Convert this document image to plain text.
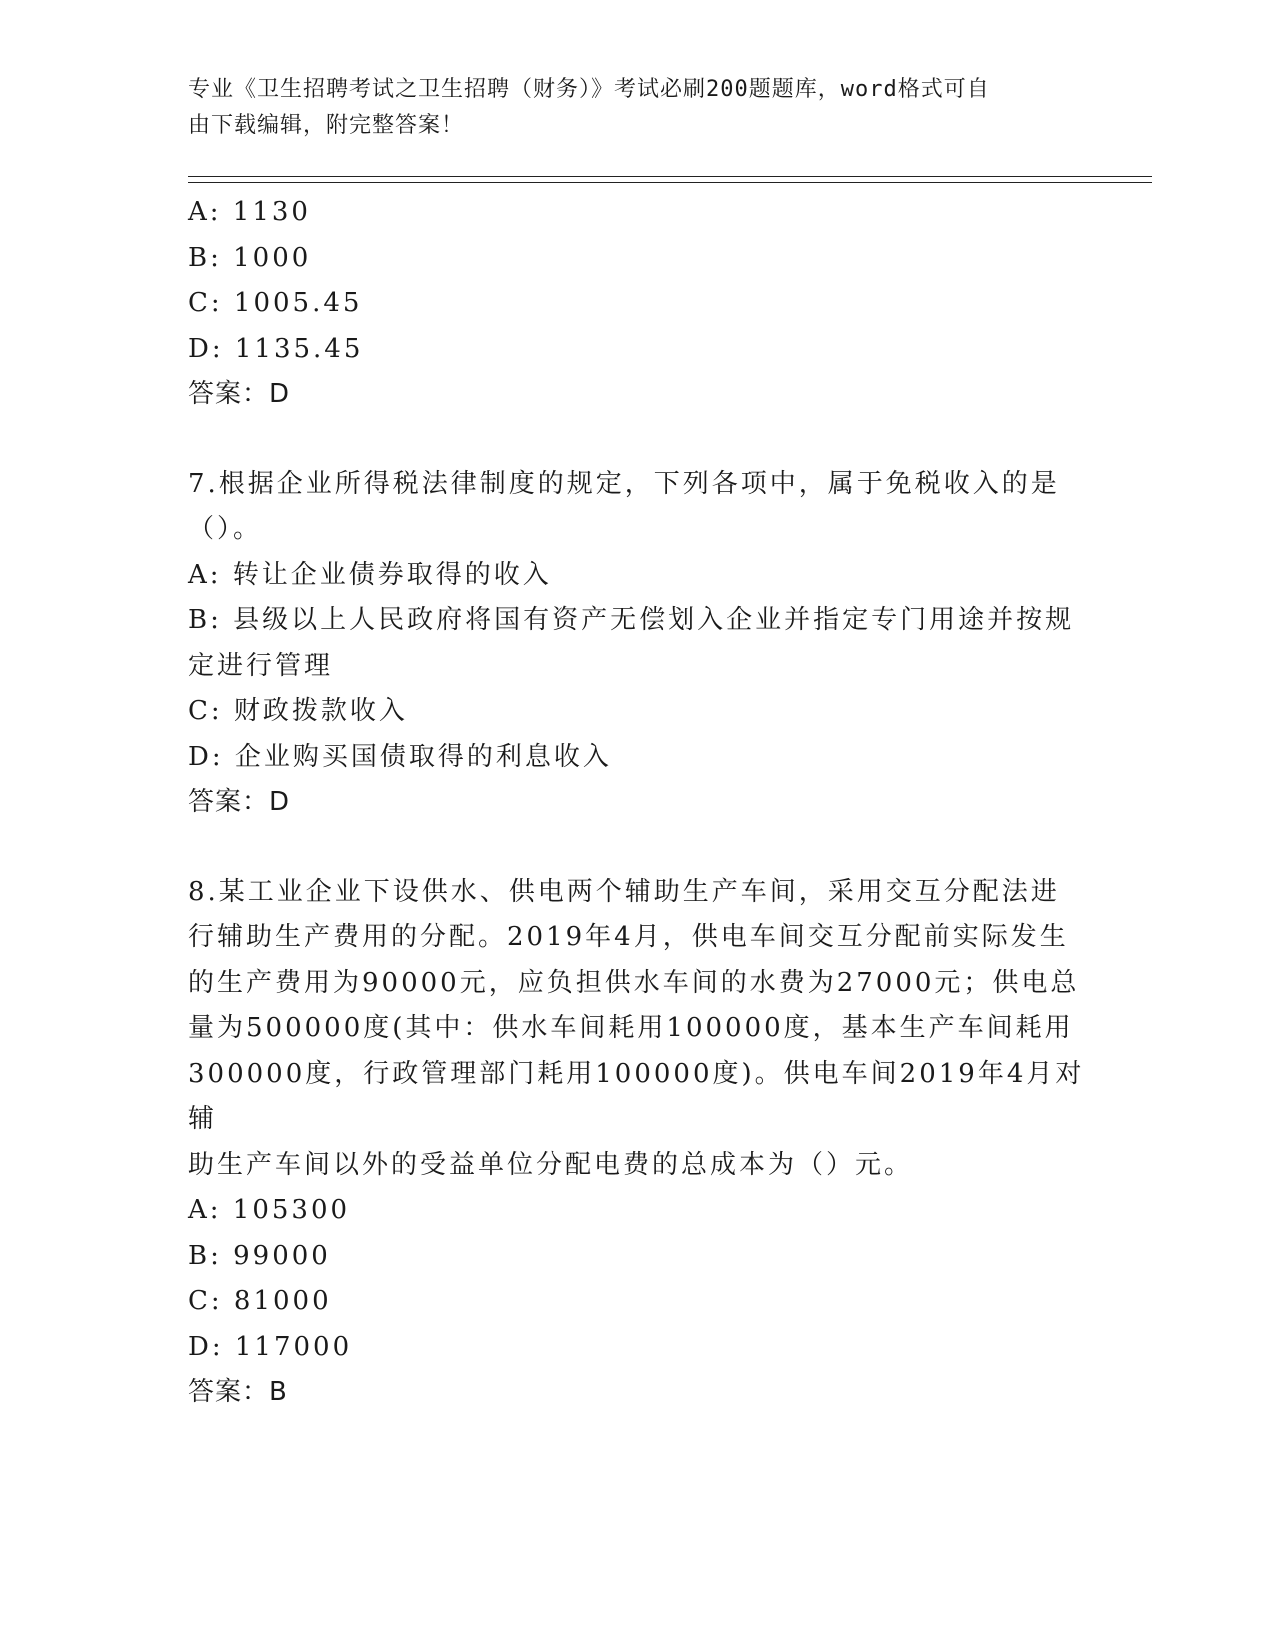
专业《卫生招聘考试之卫生招聘（财务）》考试必刷200题题库，word格式可自
由下载编辑，附完整答案！
A: 1130
B: 1000
C: 1005.45
D: 1135.45
答案：D
7.根据企业所得税法律制度的规定，下列各项中，属于免税收入的是
（）。
A: 转让企业债券取得的收入
B: 县级以上人民政府将国有资产无偿划入企业并指定专门用途并按规
定进行管理
C: 财政拨款收入
D: 企业购买国债取得的利息收入
答案：D
8.某工业企业下设供水、供电两个辅助生产车间，采用交互分配法进
行辅助生产费用的分配。2019年4月，供电车间交互分配前实际发生
的生产费用为90000元，应负担供水车间的水费为27000元；供电总
量为500000度(其中：供水车间耗用100000度，基本生产车间耗用
300000度，行政管理部门耗用100000度)。供电车间2019年4月对辅
助生产车间以外的受益单位分配电费的总成本为（）元。
A: 105300
B: 99000
C: 81000
D: 117000
答案：B
